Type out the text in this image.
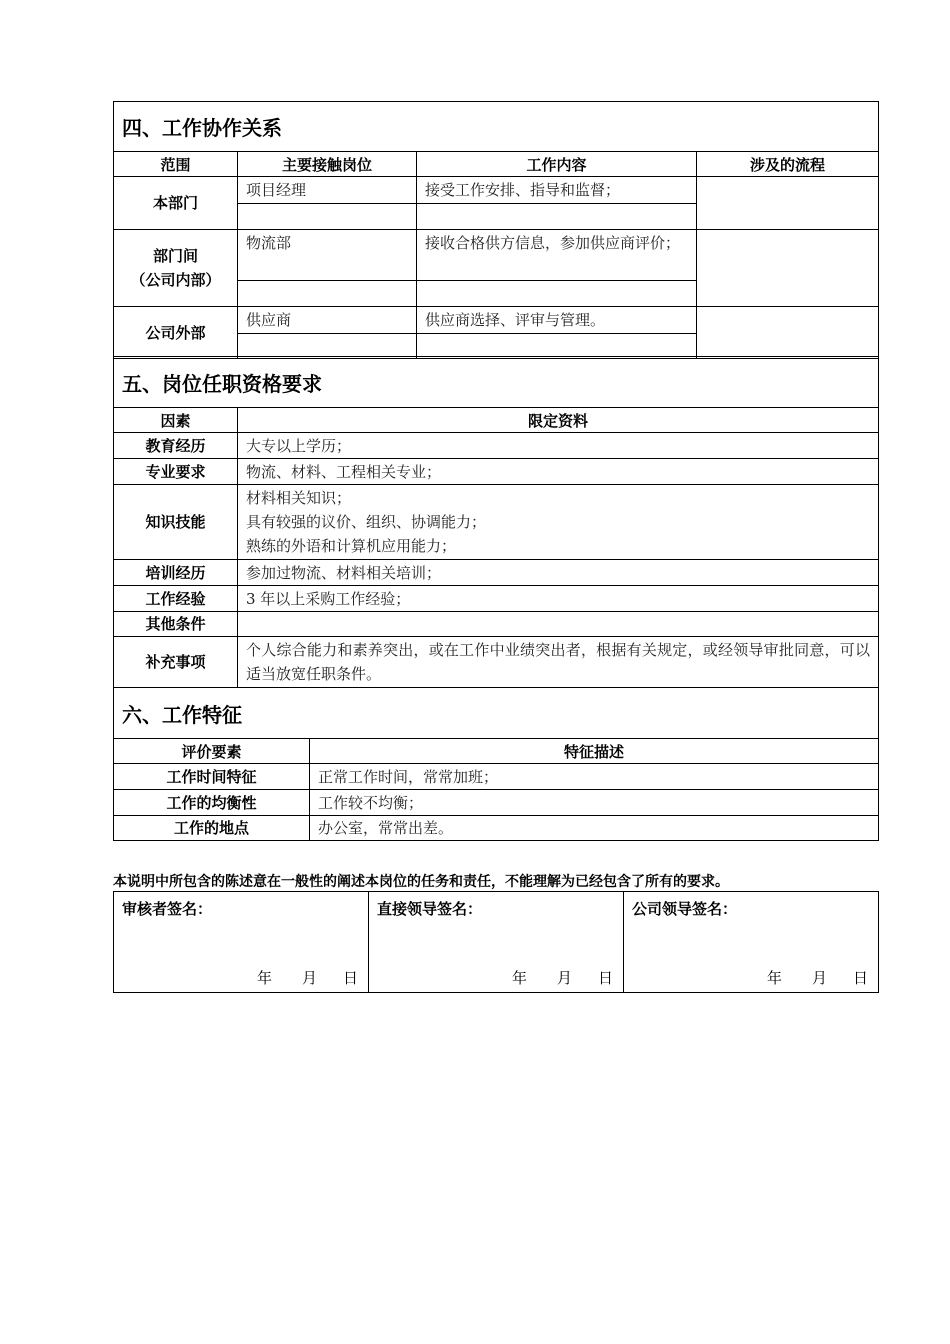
四、工作协作关系			
范围	主要接触岗位	工作内容	涉及的流程

本部门	项目经理	接受工作安排、指导和监督；	

部门间
（公司内部）	物流部	接收合格供方信息，参加供应商评价；	

公司外部	供应商	供应商选择、评审与管理。	

五、岗位任职资格要求	
因素	限定资料
教育经历	大专以上学历；
专业要求	物流、材料、工程相关专业；
知识技能	材料相关知识；
具有较强的议价、组织、协调能力；
熟练的外语和计算机应用能力；

培训经历	参加过物流、材料相关培训；
工作经验	3 年以上采购工作经验；
其他条件	
补充事项	个人综合能力和素养突出，或在工作中业绩突出者，根据有关规定，或经领导审批同意，可以适当放宽任职条件。
六、工作特征	
评价要素	特征描述
工作时间特征	正常工作时间，常常加班；
工作的均衡性	工作较不均衡；
工作的地点	办公室，常常出差。
本说明中所包含的陈述意在一般性的阐述本岗位的任务和责任，不能理解为已经包含了所有的要求。
审核者签名：
年 月 日

直接领导签名：
年 月 日

公司领导签名：
年 月 日
